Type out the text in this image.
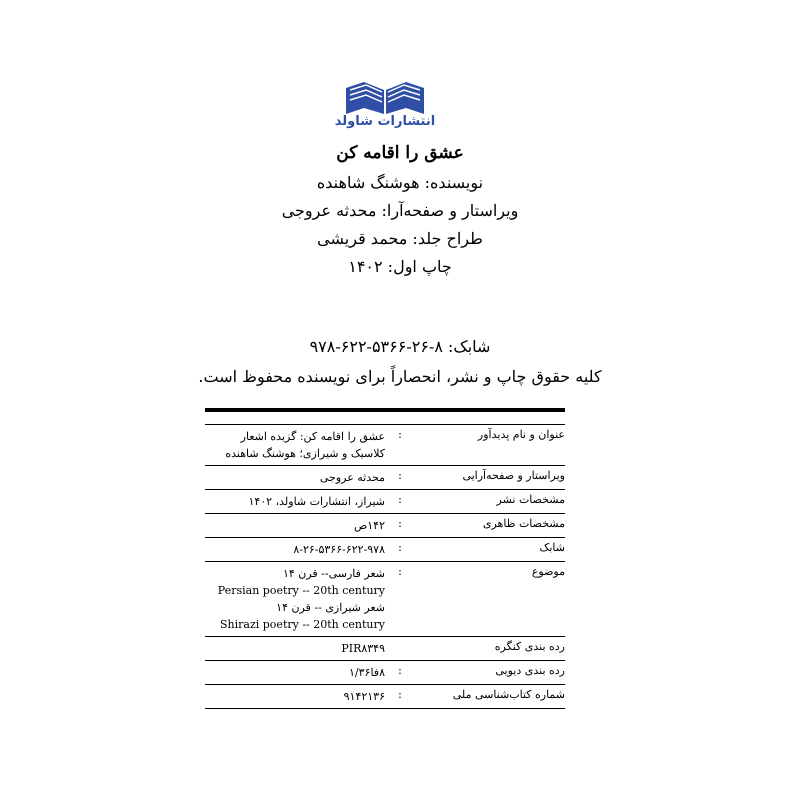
انتشارات شاولد
عشق را اقامه کن
نویسنده: هوشنگ شاهنده
ویراستار و صفحه‌آرا: محدثه عروجی
طراح جلد: محمد قریشی
چاپ اول: ۱۴۰۲
شابک: ۸-۲۶-۵۳۶۶-۶۲۲-۹۷۸
کلیه حقوق چاپ و نشر، انحصاراً برای نویسنده محفوظ است.
عنوان و نام پدیدآور
:
عشق را اقامه کن: گزیده اشعار
کلاسیک و شیرازی؛ هوشنگ شاهنده
ویراستار و صفحه‌آرایی
:
محدثه عروجی
مشخصات نشر
:
شیراز، انتشارات شاولد، ۱۴۰۲
مشخصات ظاهری
:
۱۴۲ص
شابک
:
۸-۲۶-۵۳۶۶-۶۲۲-۹۷۸
موضوع
:
شعر فارسی-- قرن ۱۴
Persian poetry -- 20th century
شعر شیرازی -- قرن ۱۴
Shirazi poetry -- 20th century
رده بندی کنگره
PIR۸۳۴۹
رده بندی دیویی
:
۸فا۱/۳۶
شماره کتاب‌شناسی ملی
:
۹۱۴۲۱۳۶
